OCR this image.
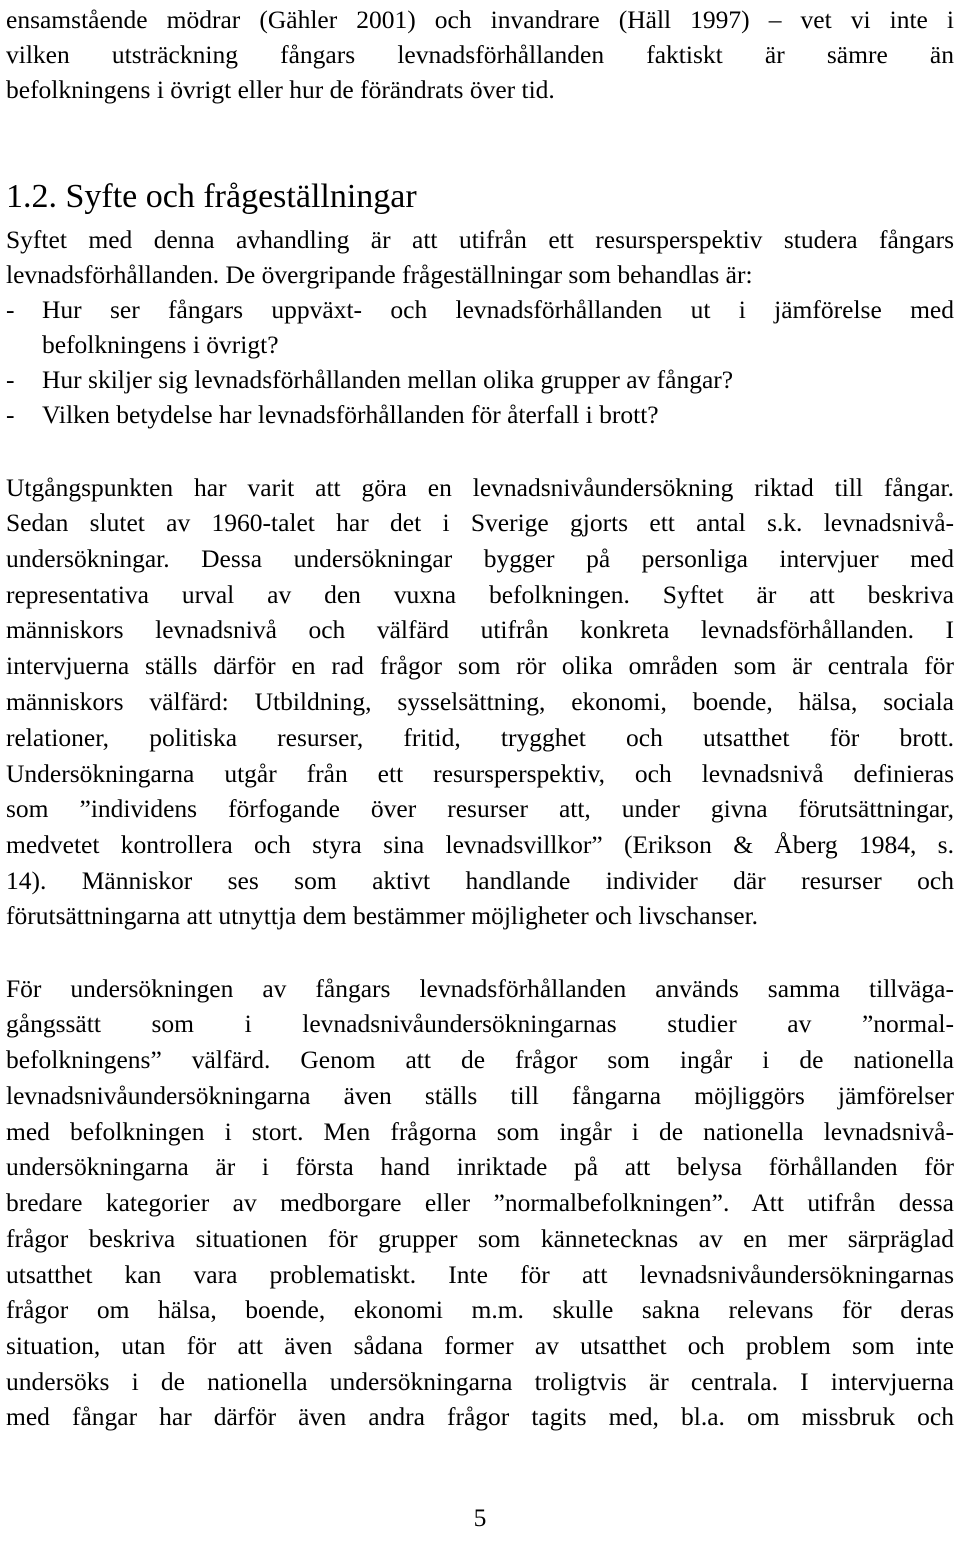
ensamstående mödrar (Gähler 2001) och invandrare (Häll 1997) – vet vi inte i
vilken utsträckning fångars levnadsförhållanden faktiskt är sämre än
befolkningens i övrigt eller hur de förändrats över tid.
1.2. Syfte och frågeställningar
Syftet med denna avhandling är att utifrån ett resursperspektiv studera fångars
levnadsförhållanden. De övergripande frågeställningar som behandlas är:
-	Hur ser fångars uppväxt- och levnadsförhållanden ut i jämförelse med
befolkningens i övrigt?
-	Hur skiljer sig levnadsförhållanden mellan olika grupper av fångar?
-	Vilken betydelse har levnadsförhållanden för återfall i brott?
Utgångspunkten har varit att göra en levnadsnivåundersökning riktad till fångar.
Sedan slutet av 1960-talet har det i Sverige gjorts ett antal s.k. levnadsnivå-
undersökningar. Dessa undersökningar bygger på personliga intervjuer med
representativa urval av den vuxna befolkningen. Syftet är att beskriva
människors levnadsnivå och välfärd utifrån konkreta levnadsförhållanden. I
intervjuerna ställs därför en rad frågor som rör olika områden som är centrala för
människors välfärd: Utbildning, sysselsättning, ekonomi, boende, hälsa, sociala
relationer, politiska resurser, fritid, trygghet och utsatthet för brott.
Undersökningarna utgår från ett resursperspektiv, och levnadsnivå definieras
som ”individens förfogande över resurser att, under givna förutsättningar,
medvetet kontrollera och styra sina levnadsvillkor” (Erikson & Åberg 1984, s.
14). Människor ses som aktivt handlande individer där resurser och
förutsättningarna att utnyttja dem bestämmer möjligheter och livschanser.
För undersökningen av fångars levnadsförhållanden används samma tillväga-
gångssätt som i levnadsnivåundersökningarnas studier av ”normal-
befolkningens” välfärd. Genom att de frågor som ingår i de nationella
levnadsnivåundersökningarna även ställs till fångarna möjliggörs jämförelser
med befolkningen i stort. Men frågorna som ingår i de nationella levnadsnivå-
undersökningarna är i första hand inriktade på att belysa förhållanden för
bredare kategorier av medborgare eller ”normalbefolkningen”. Att utifrån dessa
frågor beskriva situationen för grupper som kännetecknas av en mer särpräglad
utsatthet kan vara problematiskt. Inte för att levnadsnivåundersökningarnas
frågor om hälsa, boende, ekonomi m.m. skulle sakna relevans för deras
situation, utan för att även sådana former av utsatthet och problem som inte
undersöks i de nationella undersökningarna troligtvis är centrala. I intervjuerna
med fångar har därför även andra frågor tagits med, bl.a. om missbruk och
5
